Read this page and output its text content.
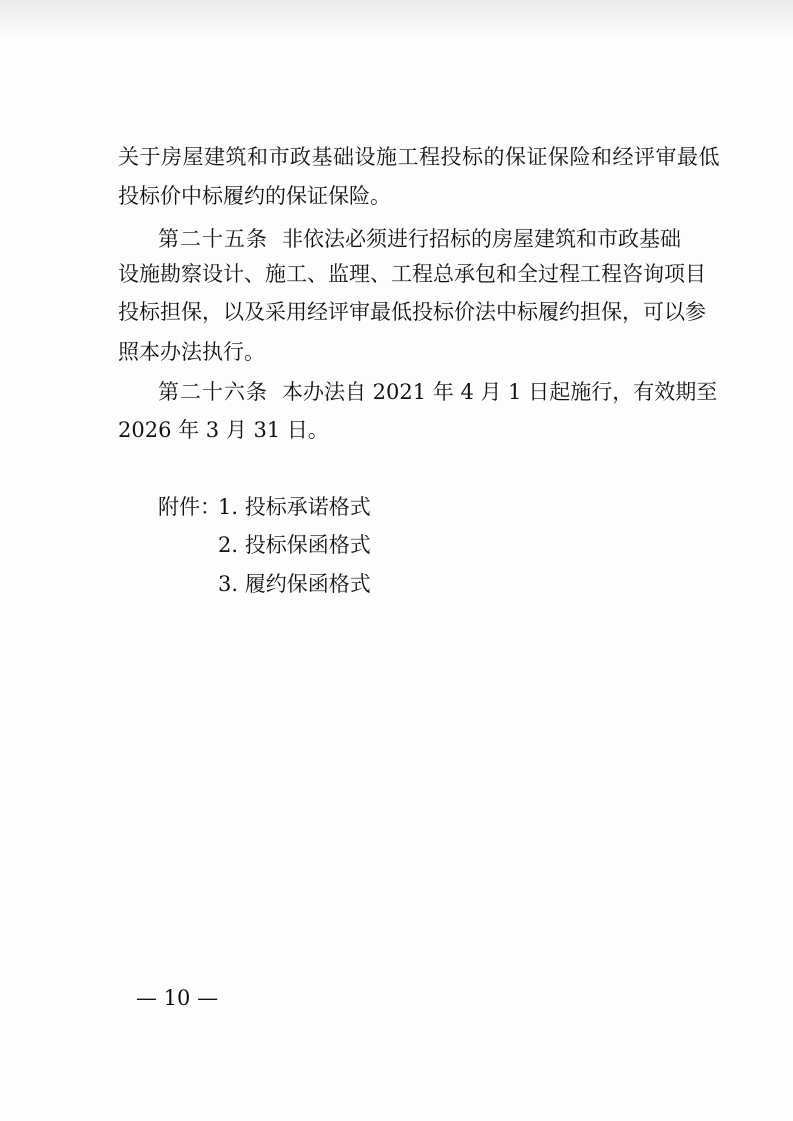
关于房屋建筑和市政基础设施工程投标的保证保险和经评审最低

投标价中标履约的保证保险。

第二十五条 非依法必须进行招标的房屋建筑和市政基础

设施勘察设计、施工、监理、工程总承包和全过程工程咨询项目

投标担保，以及采用经评审最低投标价法中标履约担保，可以参

照本办法执行。

第二十六条 本办法自 2021 年 4 月 1 日起施行，有效期至

2026 年 3 月 31 日。

附件：

1. 投标承诺格式

2. 投标保函格式

3. 履约保函格式

— 10 —
